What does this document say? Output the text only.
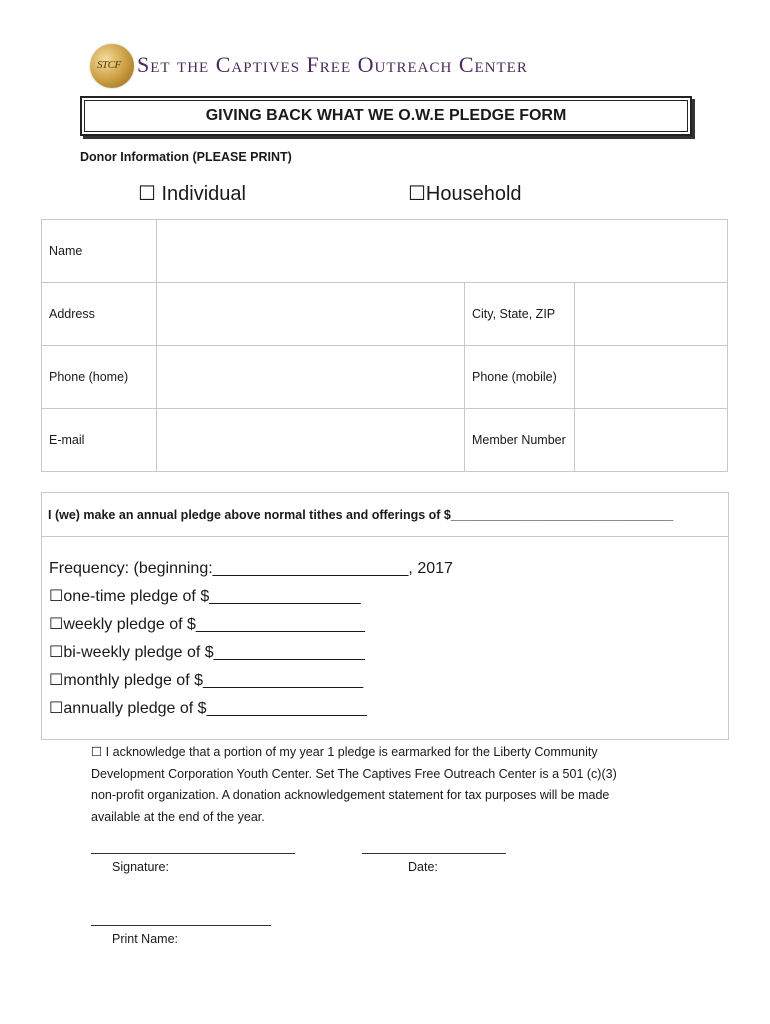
STCF Set the Captives Free Outreach Center
GIVING BACK WHAT WE O.W.E PLEDGE FORM
Donor Information (PLEASE PRINT)
☐ Individual	☐Household
Name			
Address		City, State, ZIP	
Phone (home)		Phone (mobile)	
E-mail		Member Number	
I (we) make an annual pledge above normal tithes and offerings of $________________________________
Frequency: (beginning:______________________, 2017
☐one-time pledge of $_________________
☐weekly pledge of $___________________
☐bi-weekly pledge of $_________________
☐monthly pledge of $__________________
☐annually pledge of $__________________
☐ I acknowledge that a portion of my year 1 pledge is earmarked for the Liberty Community
Development Corporation Youth Center. Set The Captives Free Outreach Center is a 501 (c)(3)
non-profit organization. A donation acknowledgement statement for tax purposes will be made
available at the end of the year.
Signature:	Date:
Print Name:
